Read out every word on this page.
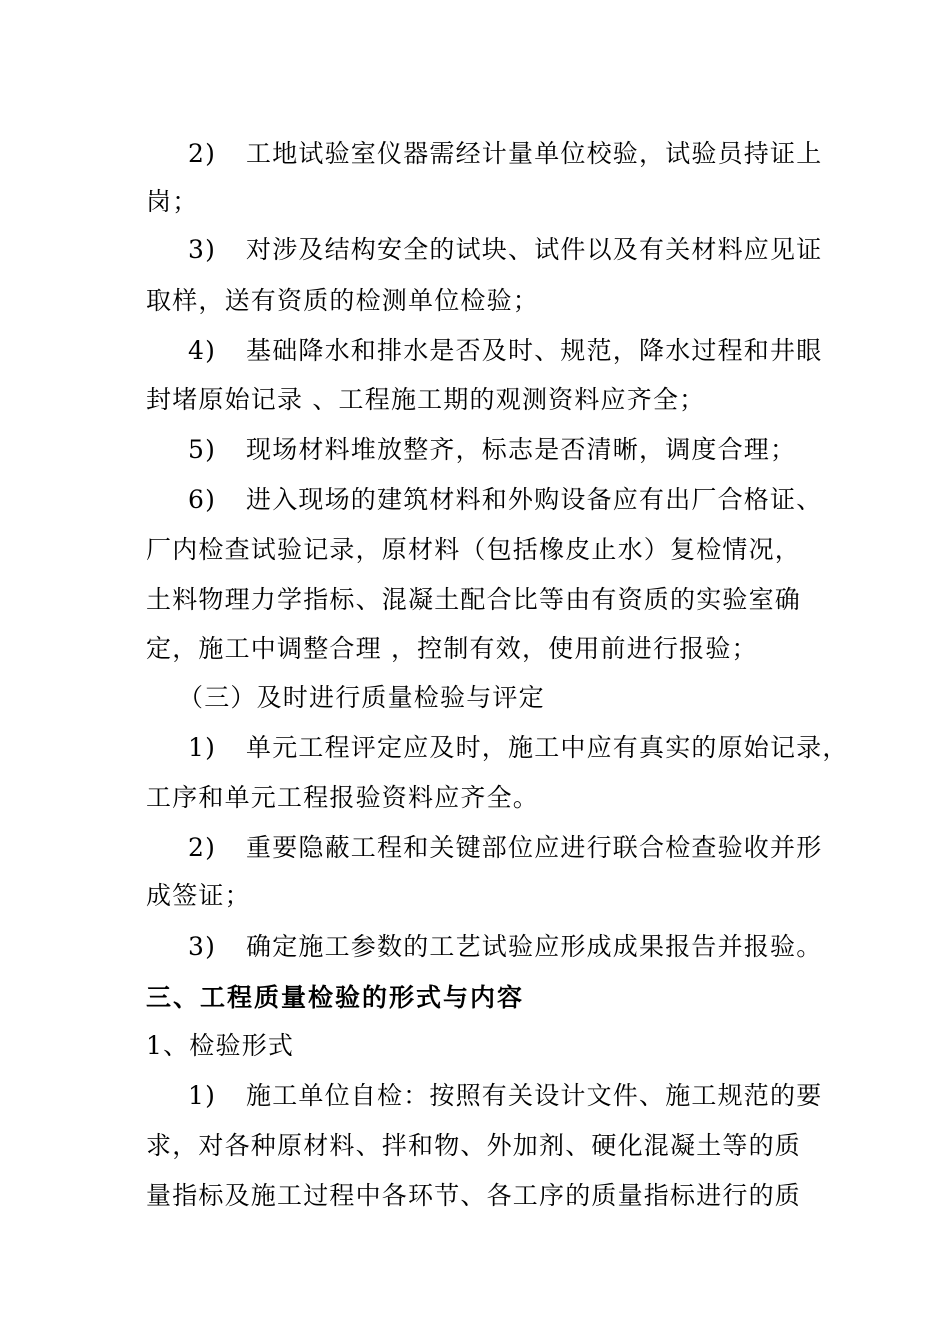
2) 工地试验室仪器需经计量单位校验，试验员持证上
岗；
3) 对涉及结构安全的试块、试件以及有关材料应见证
取样，送有资质的检测单位检验；
4) 基础降水和排水是否及时、规范，降水过程和井眼
封堵原始记录 、工程施工期的观测资料应齐全；
5) 现场材料堆放整齐，标志是否清晰，调度合理；
6) 进入现场的建筑材料和外购设备应有出厂合格证、
厂内检查试验记录，原材料（包括橡皮止水）复检情况，
土料物理力学指标、混凝土配合比等由有资质的实验室确
定，施工中调整合理 ，控制有效，使用前进行报验；
（三）及时进行质量检验与评定
1) 单元工程评定应及时，施工中应有真实的原始记录，
工序和单元工程报验资料应齐全。
2) 重要隐蔽工程和关键部位应进行联合检查验收并形
成签证；
3) 确定施工参数的工艺试验应形成成果报告并报验。
三、工程质量检验的形式与内容
1、检验形式
1) 施工单位自检：按照有关设计文件、施工规范的要
求，对各种原材料、拌和物、外加剂、硬化混凝土等的质
量指标及施工过程中各环节、各工序的质量指标进行的质
